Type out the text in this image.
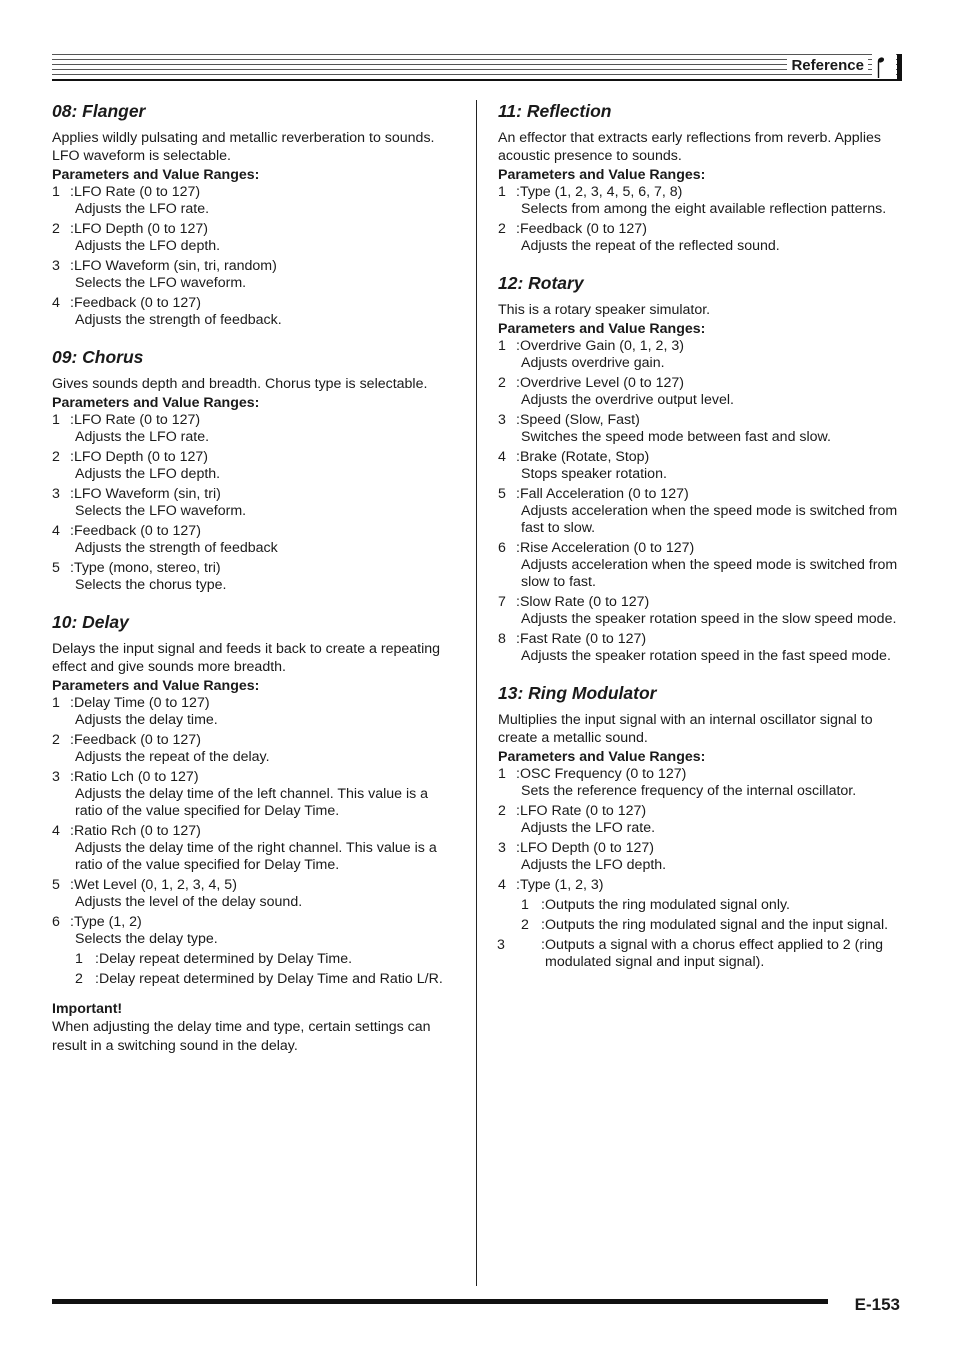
Reference
08: Flanger

Applies wildly pulsating and metallic reverberation to sounds. LFO waveform is selectable.

Parameters and Value Ranges:
1 :LFO Rate (0 to 127)
Adjusts the LFO rate.
2 :LFO Depth (0 to 127)
Adjusts the LFO depth.
3 :LFO Waveform (sin, tri, random)
Selects the LFO waveform.
4 :Feedback (0 to 127)
Adjusts the strength of feedback.
09: Chorus

Gives sounds depth and breadth. Chorus type is selectable.

Parameters and Value Ranges:
1 :LFO Rate (0 to 127)
Adjusts the LFO rate.
2 :LFO Depth (0 to 127)
Adjusts the LFO depth.
3 :LFO Waveform (sin, tri)
Selects the LFO waveform.
4 :Feedback (0 to 127)
Adjusts the strength of feedback
5 :Type (mono, stereo, tri)
Selects the chorus type.
10: Delay

Delays the input signal and feeds it back to create a repeating effect and give sounds more breadth.

Parameters and Value Ranges:
1 :Delay Time (0 to 127)
Adjusts the delay time.
2 :Feedback (0 to 127)
Adjusts the repeat of the delay.
3 :Ratio Lch (0 to 127)
Adjusts the delay time of the left channel. This value is a ratio of the value specified for Delay Time.
4 :Ratio Rch (0 to 127)
Adjusts the delay time of the right channel. This value is a ratio of the value specified for Delay Time.
5 :Wet Level (0, 1, 2, 3, 4, 5)
Adjusts the level of the delay sound.
6 :Type (1, 2)
Selects the delay type.
1 :Delay repeat determined by Delay Time.
2 :Delay repeat determined by Delay Time and Ratio L/R.
Important!
When adjusting the delay time and type, certain settings can result in a switching sound in the delay.
11: Reflection

An effector that extracts early reflections from reverb. Applies acoustic presence to sounds.

Parameters and Value Ranges:
1 :Type (1, 2, 3, 4, 5, 6, 7, 8)
Selects from among the eight available reflection patterns.
2 :Feedback (0 to 127)
Adjusts the repeat of the reflected sound.
12: Rotary

This is a rotary speaker simulator.

Parameters and Value Ranges:
1 :Overdrive Gain (0, 1, 2, 3)
Adjusts overdrive gain.
2 :Overdrive Level (0 to 127)
Adjusts the overdrive output level.
3 :Speed (Slow, Fast)
Switches the speed mode between fast and slow.
4 :Brake (Rotate, Stop)
Stops speaker rotation.
5 :Fall Acceleration (0 to 127)
Adjusts acceleration when the speed mode is switched from fast to slow.
6 :Rise Acceleration (0 to 127)
Adjusts acceleration when the speed mode is switched from slow to fast.
7 :Slow Rate (0 to 127)
Adjusts the speaker rotation speed in the slow speed mode.
8 :Fast Rate (0 to 127)
Adjusts the speaker rotation speed in the fast speed mode.
13: Ring Modulator

Multiplies the input signal with an internal oscillator signal to create a metallic sound.

Parameters and Value Ranges:
1 :OSC Frequency (0 to 127)
Sets the reference frequency of the internal oscillator.
2 :LFO Rate (0 to 127)
Adjusts the LFO rate.
3 :LFO Depth (0 to 127)
Adjusts the LFO depth.
4 :Type (1, 2, 3)
1 :Outputs the ring modulated signal only.
2 :Outputs the ring modulated signal and the input signal.
3	:Outputs a signal with a chorus effect applied to 2 (ring modulated signal and input signal).
E-153
